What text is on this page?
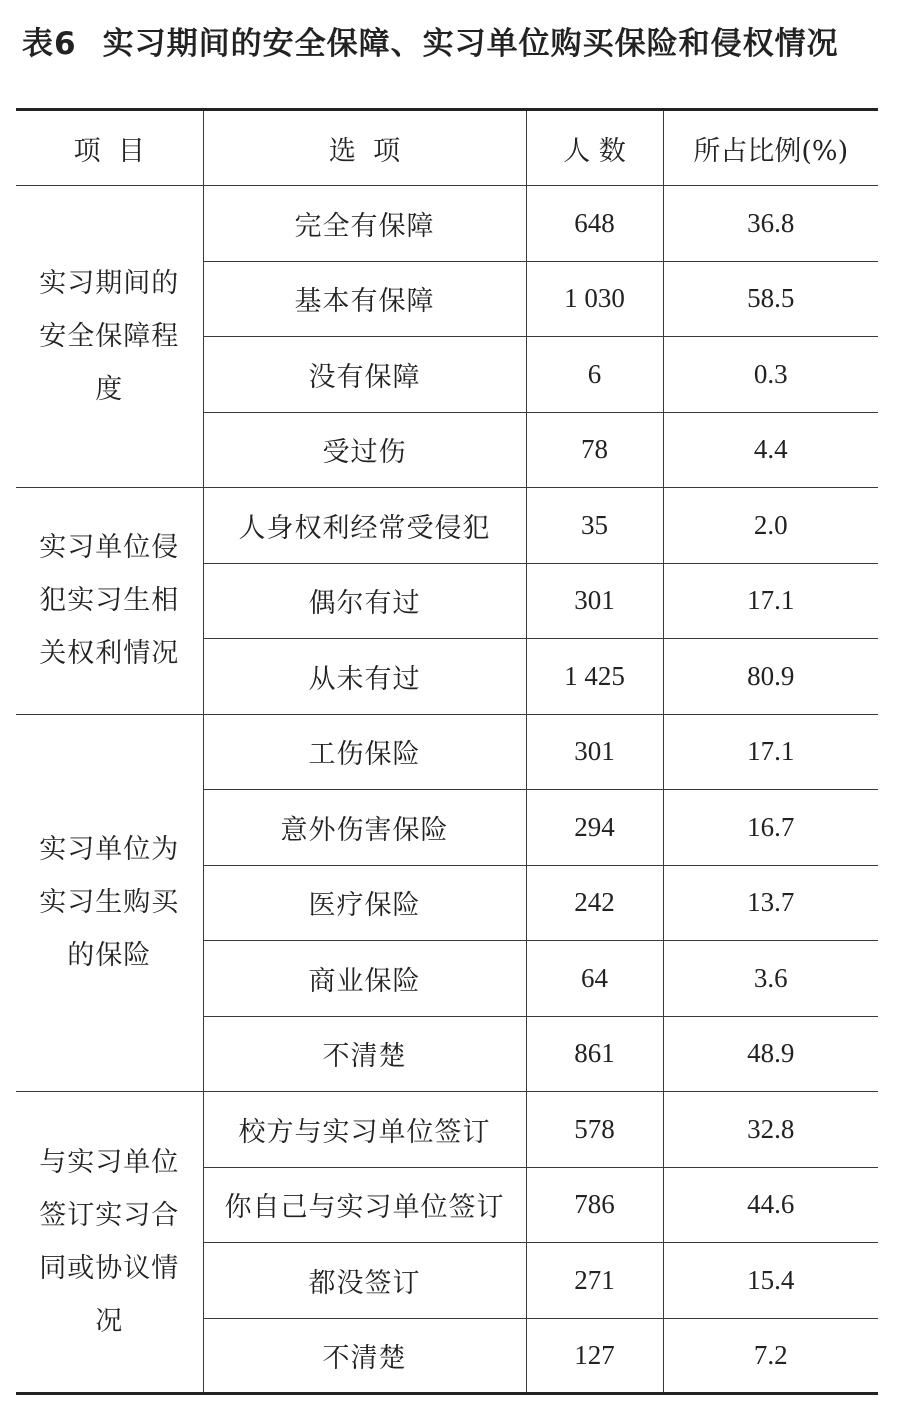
表6 实习期间的安全保障、实习单位购买保险和侵权情况
项  目	选  项	人 数	所占比例(%)

实习期间的安全保障程度	完全有保障	648	36.8
	基本有保障	1 030	58.5
	没有保障	6	0.3
	受过伤	78	4.4

实习单位侵犯实习生相关权利情况	人身权利经常受侵犯	35	2.0
	偶尔有过	301	17.1
	从未有过	1 425	80.9

实习单位为实习生购买的保险	工伤保险	301	17.1
	意外伤害保险	294	16.7
	医疗保险	242	13.7
	商业保险	64	3.6
	不清楚	861	48.9

与实习单位签订实习合同或协议情况	校方与实习单位签订	578	32.8
	你自己与实习单位签订	786	44.6
	都没签订	271	15.4
	不清楚	127	7.2
